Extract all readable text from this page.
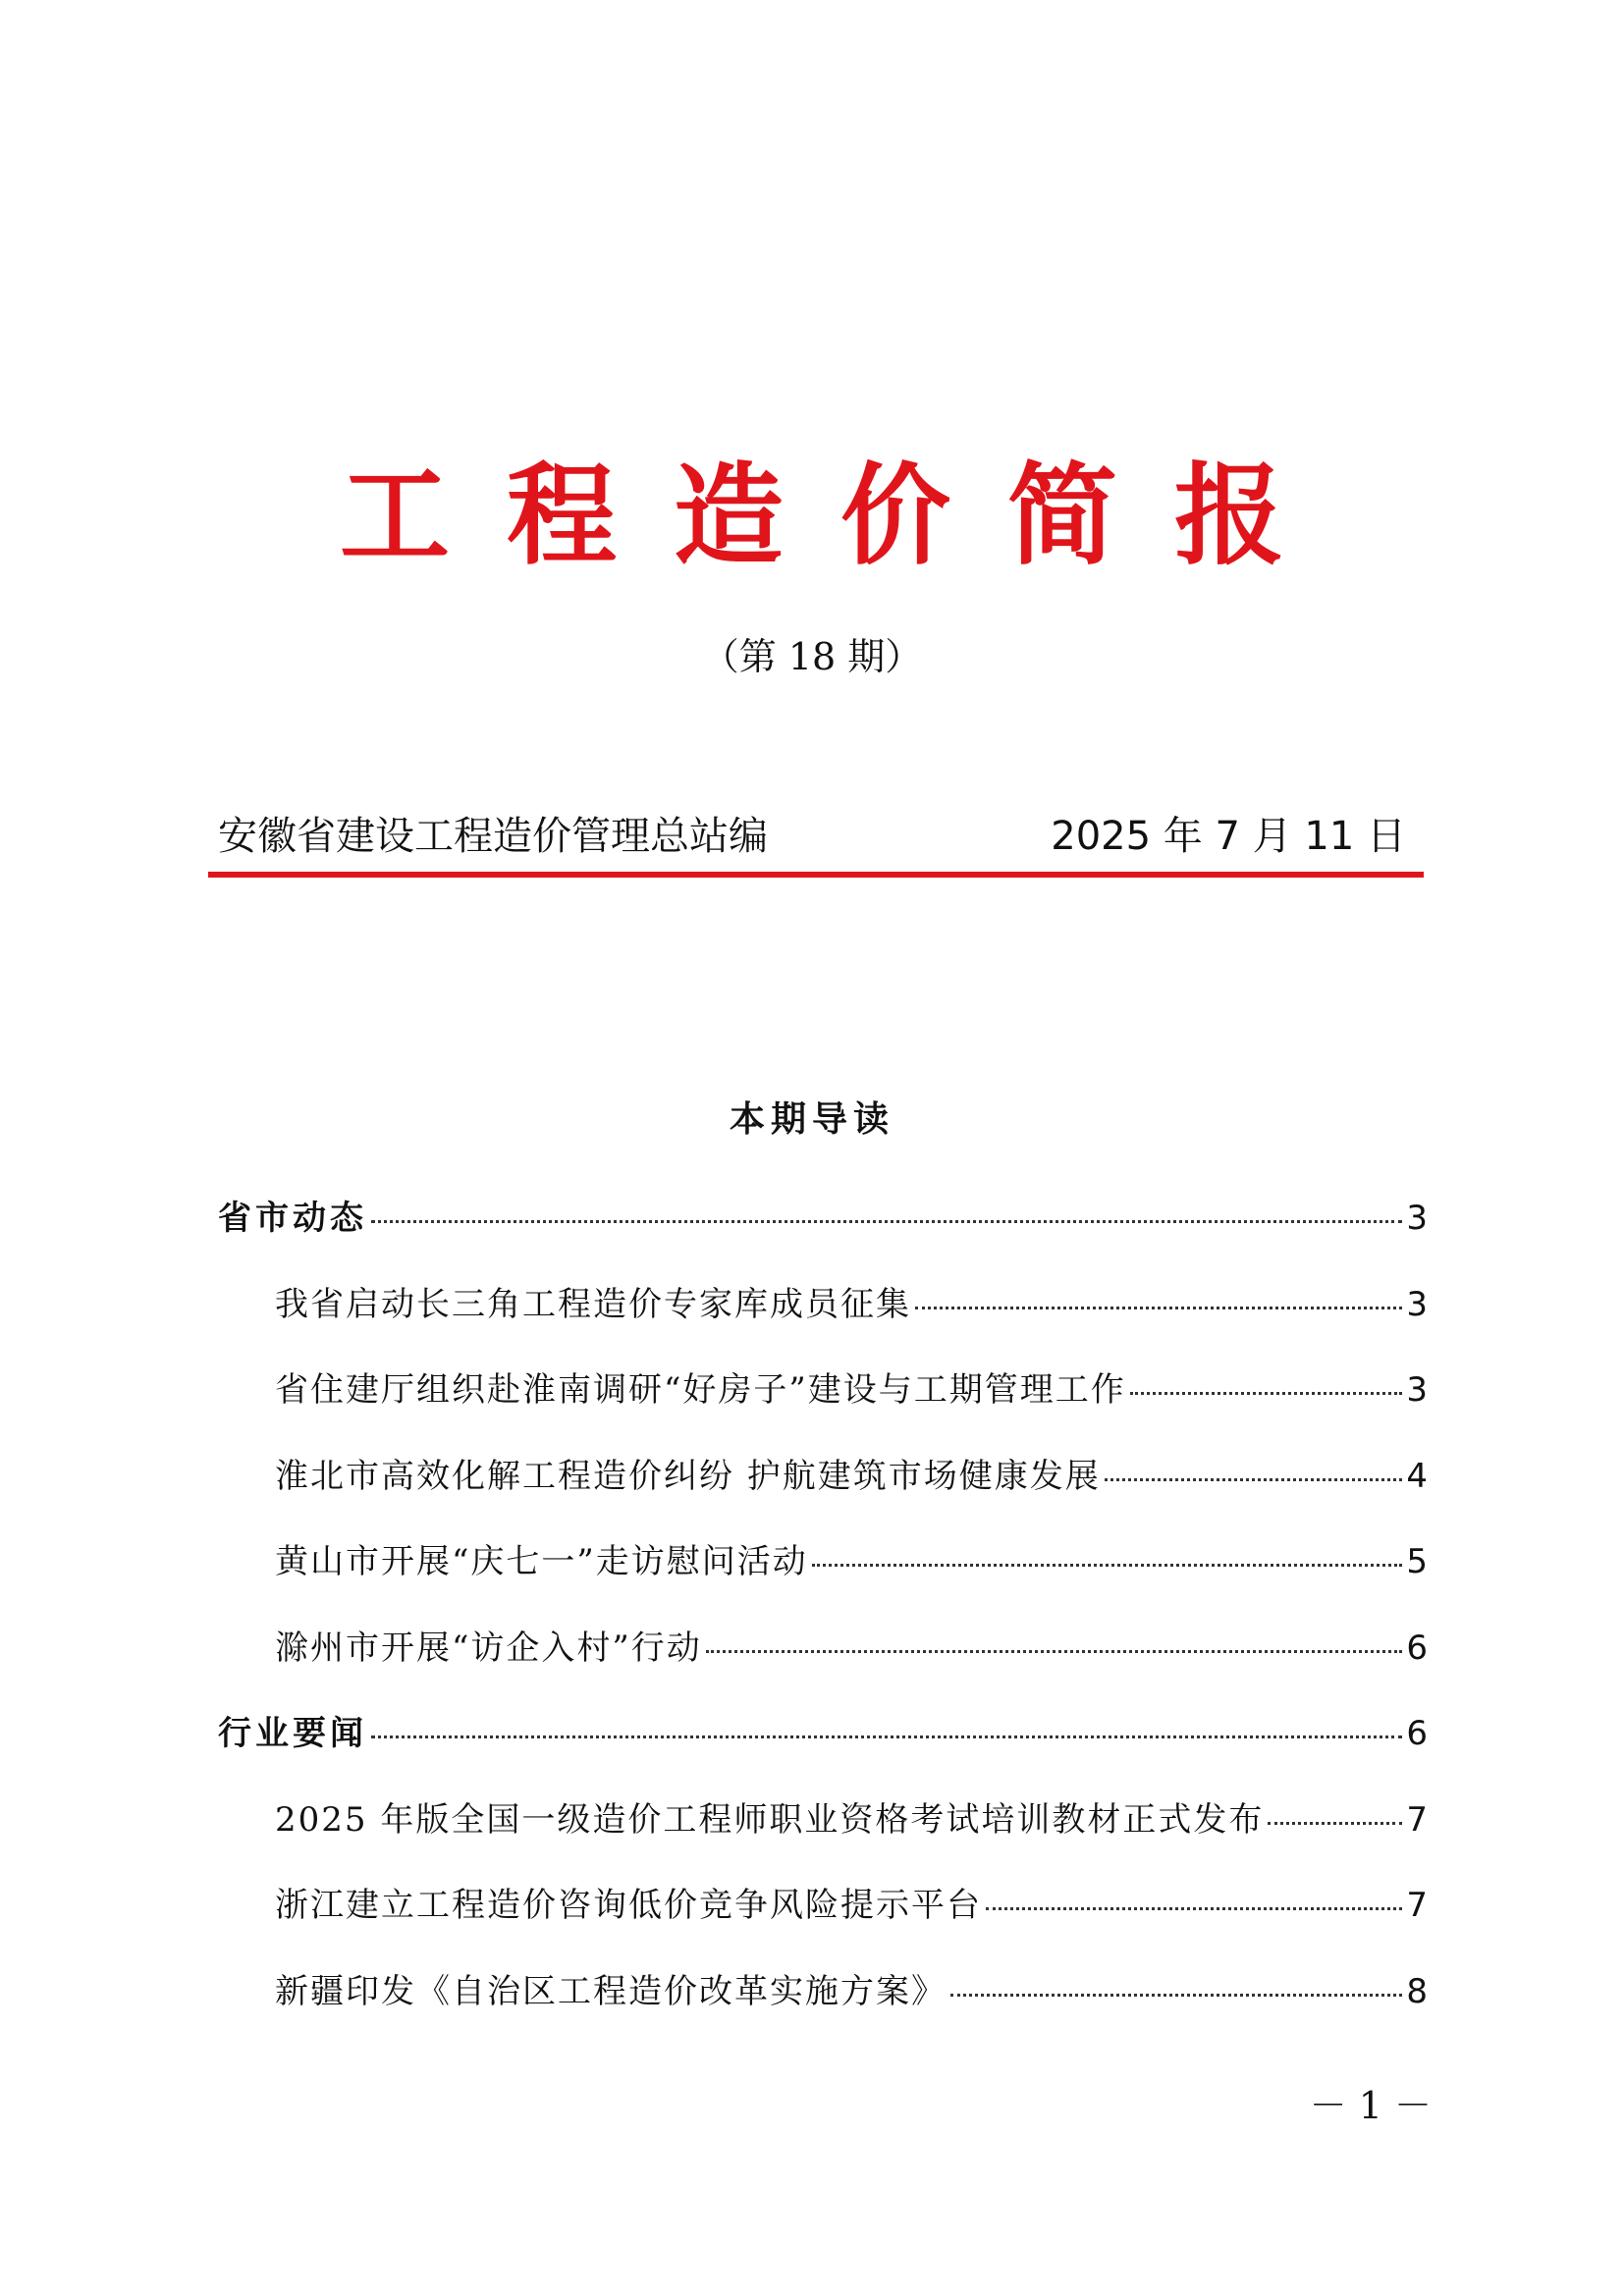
工程造价简报
（第 18 期）
安徽省建设工程造价管理总站编	2025 年 7 月 11 日
本期导读
省市动态	3
我省启动长三角工程造价专家库成员征集	3
省住建厅组织赴淮南调研“好房子”建设与工期管理工作	3
淮北市高效化解工程造价纠纷 护航建筑市场健康发展	4
黄山市开展“庆七一”走访慰问活动	5
滁州市开展“访企入村”行动	6
行业要闻	6
2025 年版全国一级造价工程师职业资格考试培训教材正式发布	7
浙江建立工程造价咨询低价竞争风险提示平台	7
新疆印发《自治区工程造价改革实施方案》	8
－ 1 －
